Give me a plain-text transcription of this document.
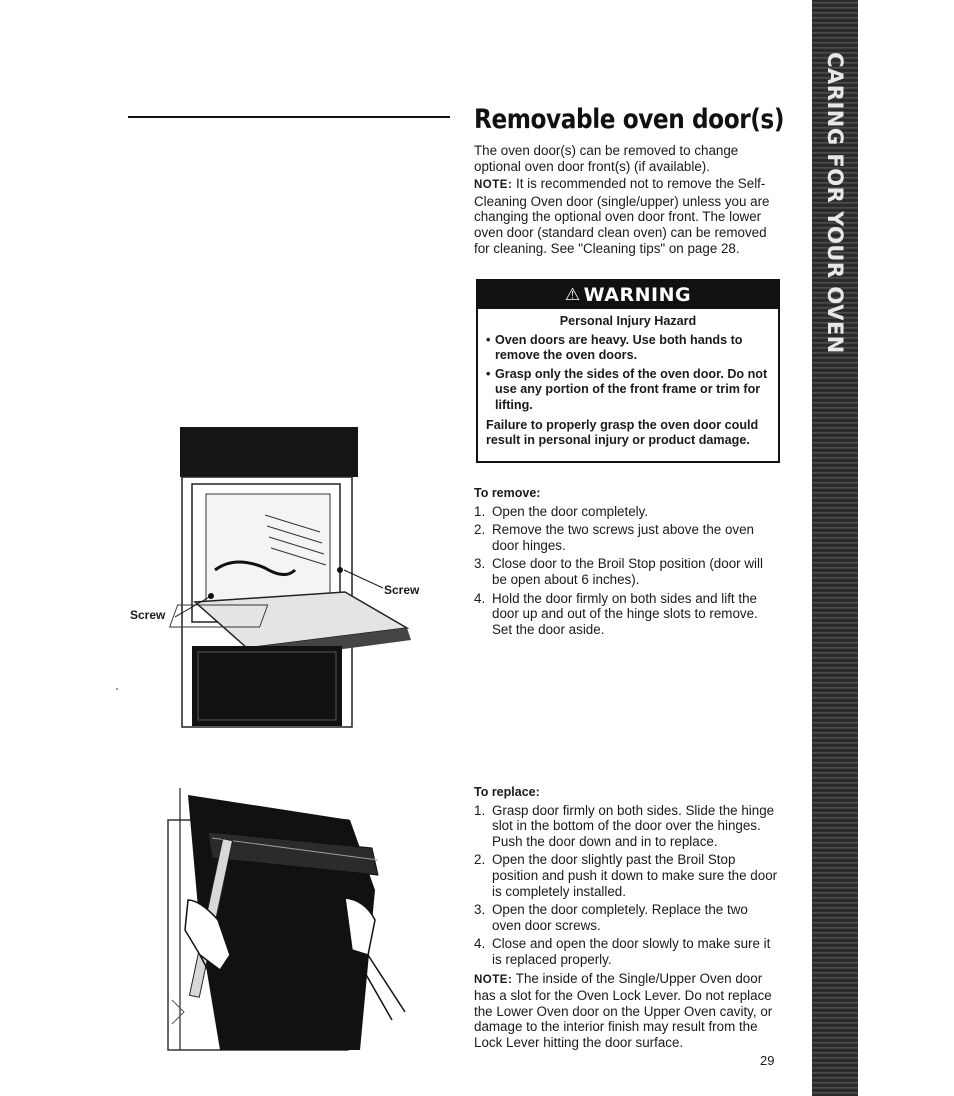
Removable oven door(s)

The oven door(s) can be removed to change optional oven door front(s) (if available).

NOTE: It is recommended not to remove the Self-Cleaning Oven door (single/upper) unless you are changing the optional oven door front. The lower oven door (standard clean oven) can be removed for cleaning. See "Cleaning tips" on page 28.

⚠ WARNING
Personal Injury Hazard
• Oven doors are heavy. Use both hands to remove the oven doors.
• Grasp only the sides of the oven door. Do not use any portion of the front frame or trim for lifting.
Failure to properly grasp the oven door could result in personal injury or product damage.
To remove:
1. Open the door completely.
2. Remove the two screws just above the oven door hinges.
3. Close door to the Broil Stop position (door will be open about 6 inches).
4. Hold the door firmly on both sides and lift the door up and out of the hinge slots to remove. Set the door aside.
To replace:
1. Grasp door firmly on both sides. Slide the hinge slot in the bottom of the door over the hinges. Push the door down and in to replace.
2. Open the door slightly past the Broil Stop position and push it down to make sure the door is completely installed.
3. Open the door completely. Replace the two oven door screws.
4. Close and open the door slowly to make sure it is replaced properly.
NOTE: The inside of the Single/Upper Oven door has a slot for the Oven Lock Lever. Do not replace the Lower Oven door on the Upper Oven cavity, or damage to the interior finish may result from the Lock Lever hitting the door surface.
Screw
Screw
CARING FOR YOUR OVEN
29
